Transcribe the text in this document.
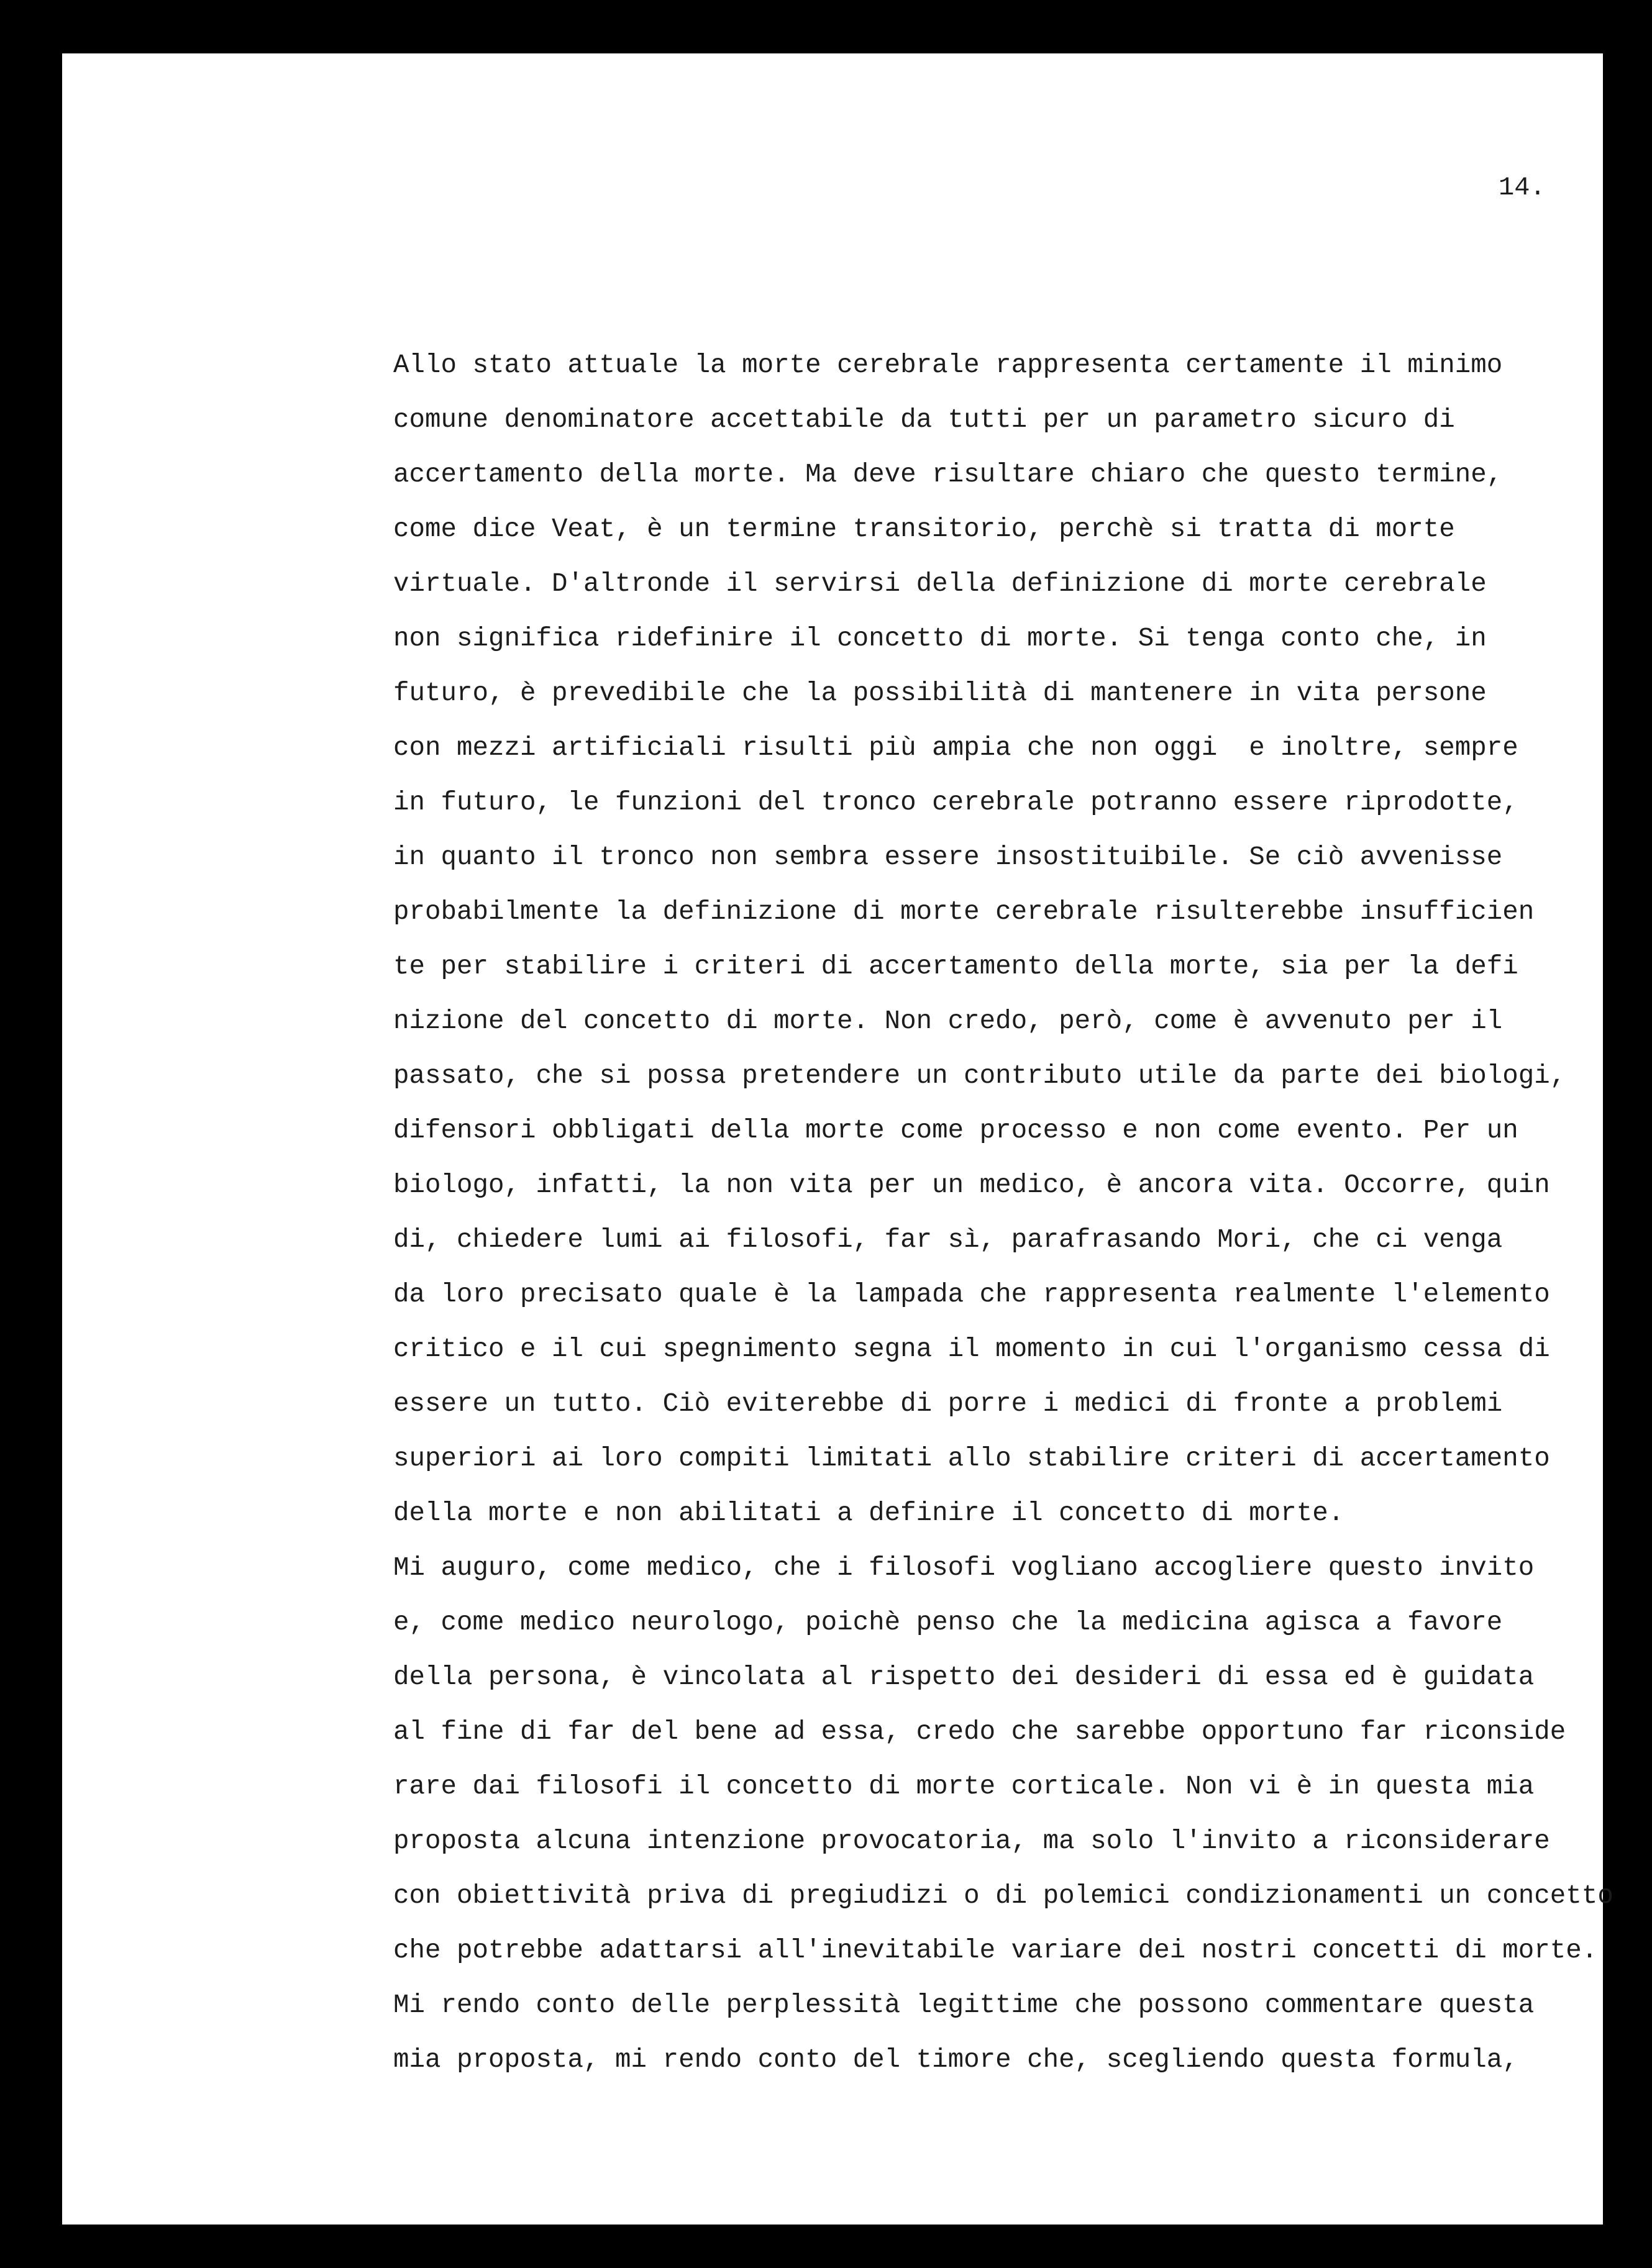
14.
Allo stato attuale la morte cerebrale rappresenta certamente il minimo
comune denominatore accettabile da tutti per un parametro sicuro di
accertamento della morte. Ma deve risultare chiaro che questo termine,
come dice Veat, è un termine transitorio, perchè si tratta di morte
virtuale. D'altronde il servirsi della definizione di morte cerebrale
non significa ridefinire il concetto di morte. Si tenga conto che, in
futuro, è prevedibile che la possibilità di mantenere in vita persone
con mezzi artificiali risulti più ampia che non oggi  e inoltre, sempre
in futuro, le funzioni del tronco cerebrale potranno essere riprodotte,
in quanto il tronco non sembra essere insostituibile. Se ciò avvenisse
probabilmente la definizione di morte cerebrale risulterebbe insufficien
te per stabilire i criteri di accertamento della morte, sia per la defi
nizione del concetto di morte. Non credo, però, come è avvenuto per il
passato, che si possa pretendere un contributo utile da parte dei biologi,
difensori obbligati della morte come processo e non come evento. Per un
biologo, infatti, la non vita per un medico, è ancora vita. Occorre, quin
di, chiedere lumi ai filosofi, far sì, parafrasando Mori, che ci venga
da loro precisato quale è la lampada che rappresenta realmente l'elemento
critico e il cui spegnimento segna il momento in cui l'organismo cessa di
essere un tutto. Ciò eviterebbe di porre i medici di fronte a problemi
superiori ai loro compiti limitati allo stabilire criteri di accertamento
della morte e non abilitati a definire il concetto di morte.
Mi auguro, come medico, che i filosofi vogliano accogliere questo invito
e, come medico neurologo, poichè penso che la medicina agisca a favore
della persona, è vincolata al rispetto dei desideri di essa ed è guidata
al fine di far del bene ad essa, credo che sarebbe opportuno far riconside
rare dai filosofi il concetto di morte corticale. Non vi è in questa mia
proposta alcuna intenzione provocatoria, ma solo l'invito a riconsiderare
con obiettività priva di pregiudizi o di polemici condizionamenti un concetto
che potrebbe adattarsi all'inevitabile variare dei nostri concetti di morte.
Mi rendo conto delle perplessità legittime che possono commentare questa
mia proposta, mi rendo conto del timore che, scegliendo questa formula,
